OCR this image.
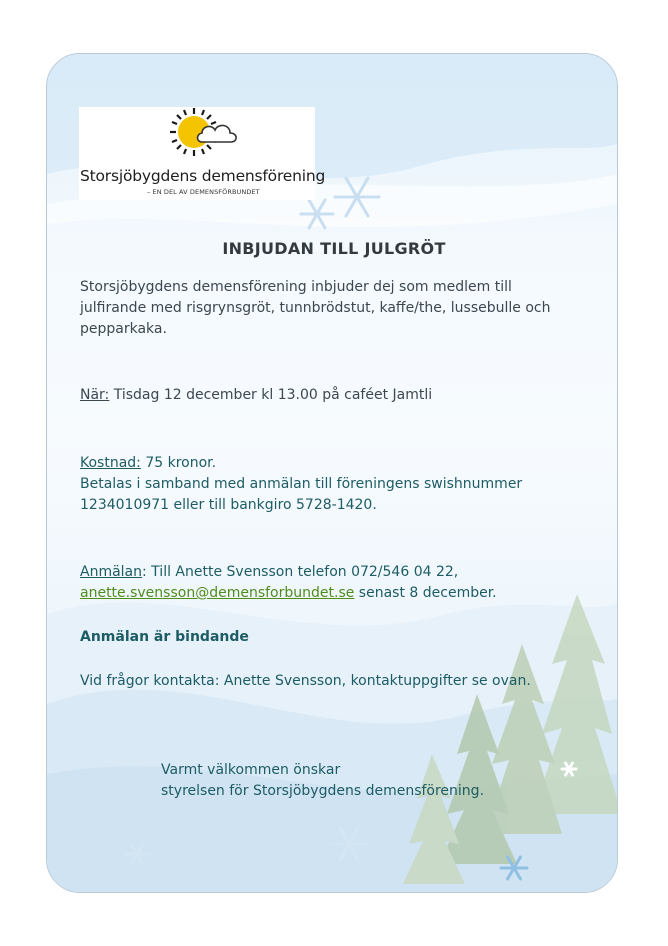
Storsjöbygdens demensförening
– EN DEL AV DEMENSFÖRBUNDET
INBJUDAN TILL JULGRÖT
Storsjöbygdens demensförening inbjuder dej som medlem till
julfirande med risgrynsgröt, tunnbrödstut, kaffe/the, lussebulle och
pepparkaka.
När: Tisdag 12 december kl 13.00 på caféet Jamtli
Kostnad: 75 kronor.
Betalas i samband med anmälan till föreningens swishnummer
1234010971 eller till bankgiro 5728-1420.
Anmälan: Till Anette Svensson telefon 072/546 04 22,
anette.svensson@demensforbundet.se senast 8 december.
Anmälan är bindande
Vid frågor kontakta: Anette Svensson, kontaktuppgifter se ovan.
Varmt välkommen önskar
styrelsen för Storsjöbygdens demensförening.
